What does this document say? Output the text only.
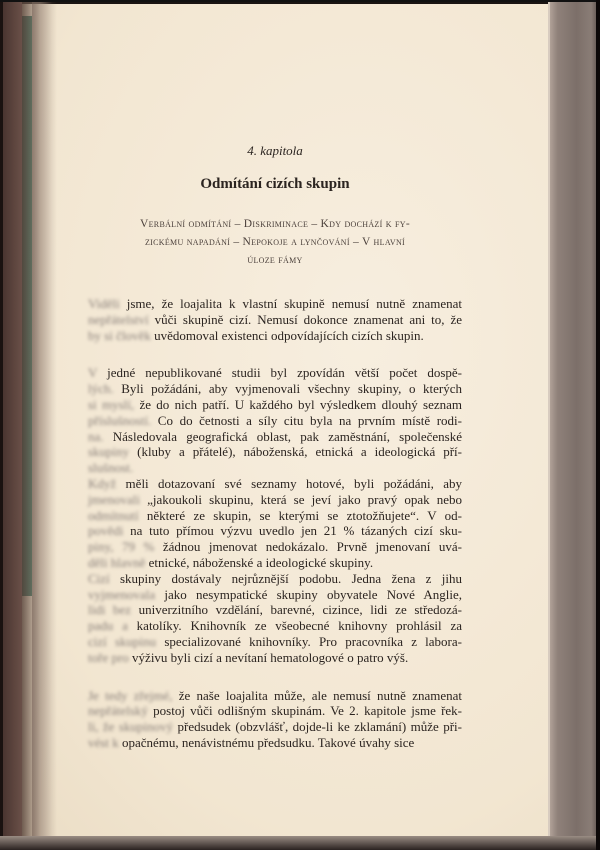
4. kapitola
Odmítání cizích skupin
Verbální odmítání – Diskriminace – Kdy dochází k fy-
zickému napadání – Nepokoje a lynčování – V hlavní
úloze fámy
Viděli jsme, že loajalita k vlastní skupině nemusí nutně znamenat
nepřátelství vůči skupině cizí. Nemusí dokonce znamenat ani to, že
by si člověk uvědomoval existenci odpovídajících cizích skupin.
V jedné nepublikované studii byl zpovídán větší počet dospě-
lých. Byli požádáni, aby vyjmenovali všechny skupiny, o kterých
si myslí, že do nich patří. U každého byl výsledkem dlouhý seznam
příslušností. Co do četnosti a síly citu byla na prvním místě rodi-
na. Následovala geografická oblast, pak zaměstnání, společenské
skupiny (kluby a přátelé), náboženská, etnická a ideologická pří-
slušnost.
Když měli dotazovaní své seznamy hotové, byli požádáni, aby
jmenovali „jakoukoli skupinu, která se jeví jako pravý opak nebo
odmítnutí některé ze skupin, se kterými se ztotožňujete“. V od-
povědi na tuto přímou výzvu uvedlo jen 21 % tázaných cizí sku-
piny, 79 % žádnou jmenovat nedokázalo. Prvně jmenovaní uvá-
děli hlavně etnické, náboženské a ideologické skupiny.
Cizí skupiny dostávaly nejrůznější podobu. Jedna žena z jihu
vyjmenovala jako nesympatické skupiny obyvatele Nové Anglie,
lidi bez univerzitního vzdělání, barevné, cizince, lidi ze středozá-
padu a katolíky. Knihovník ze všeobecné knihovny prohlásil za
cizí skupinu specializované knihovníky. Pro pracovníka z labora-
toře pro výživu byli cizí a nevítaní hematologové o patro výš.
Je tedy zřejmé, že naše loajalita může, ale nemusí nutně znamenat
nepřátelský postoj vůči odlišným skupinám. Ve 2. kapitole jsme řek-
li, že skupinový předsudek (obzvlášť, dojde-li ke zklamání) může při-
vést k opačnému, nenávistnému předsudku. Takové úvahy sice
